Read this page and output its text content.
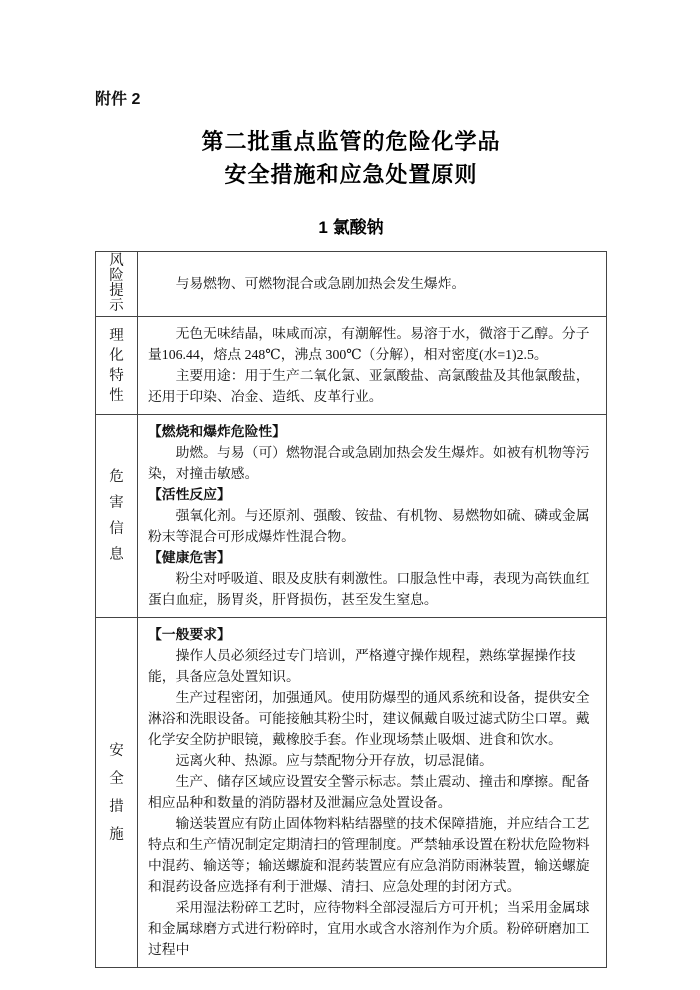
附件 2
第二批重点监管的危险化学品
安全措施和应急处置原则
1 氯酸钠
风险提示

与易燃物、可燃物混合或急剧加热会发生爆炸。

理化特性

无色无味结晶，味咸而凉，有潮解性。易溶于水，微溶于乙醇。分子量106.44，熔点 248℃，沸点 300℃（分解），相对密度(水=1)2.5。

主要用途：用于生产二氧化氯、亚氯酸盐、高氯酸盐及其他氯酸盐，还用于印染、冶金、造纸、皮革行业。

危害信息

【燃烧和爆炸危险性】

助燃。与易（可）燃物混合或急剧加热会发生爆炸。如被有机物等污染，对撞击敏感。

【活性反应】

强氧化剂。与还原剂、强酸、铵盐、有机物、易燃物如硫、磷或金属粉末等混合可形成爆炸性混合物。

【健康危害】

粉尘对呼吸道、眼及皮肤有刺激性。口服急性中毒，表现为高铁血红蛋白血症，肠胃炎，肝肾损伤，甚至发生窒息。

安全措施

【一般要求】

操作人员必须经过专门培训，严格遵守操作规程，熟练掌握操作技能，具备应急处置知识。

生产过程密闭，加强通风。使用防爆型的通风系统和设备，提供安全淋浴和洗眼设备。可能接触其粉尘时，建议佩戴自吸过滤式防尘口罩。戴化学安全防护眼镜，戴橡胶手套。作业现场禁止吸烟、进食和饮水。

远离火种、热源。应与禁配物分开存放，切忌混储。

生产、储存区域应设置安全警示标志。禁止震动、撞击和摩擦。配备相应品种和数量的消防器材及泄漏应急处置设备。

输送装置应有防止固体物料粘结器壁的技术保障措施，并应结合工艺特点和生产情况制定定期清扫的管理制度。严禁轴承设置在粉状危险物料中混药、输送等；输送螺旋和混药装置应有应急消防雨淋装置，输送螺旋和混药设备应选择有利于泄爆、清扫、应急处理的封闭方式。

采用湿法粉碎工艺时，应待物料全部浸湿后方可开机；当采用金属球和金属球磨方式进行粉碎时，宜用水或含水溶剂作为介质。粉碎研磨加工过程中
